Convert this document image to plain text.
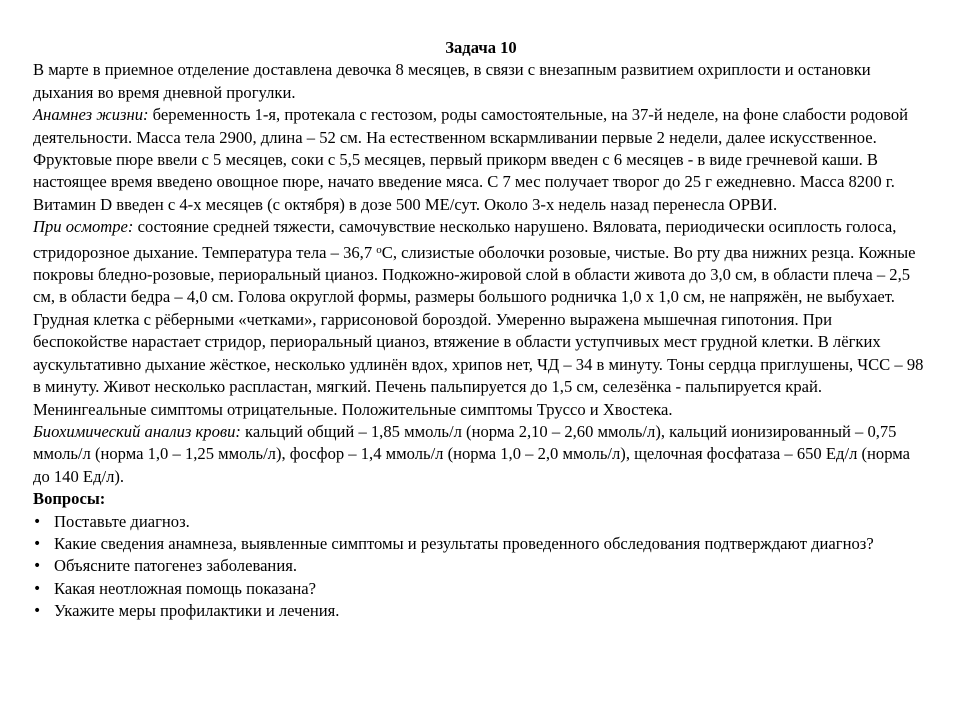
Задача 10

В марте в приемное отделение доставлена девочка 8 месяцев, в связи с внезапным развитием охриплости и остановки дыхания во время дневной прогулки.

Анамнез жизни: беременность 1-я, протекала с гестозом, роды самостоятельные, на 37-й неделе, на фоне слабости родовой деятельности. Масса тела 2900, длина – 52 см. На естественном вскармливании первые 2 недели, далее искусственное. Фруктовые пюре ввели с 5 месяцев, соки с 5,5 месяцев, первый прикорм введен с 6 месяцев - в виде гречневой каши. В настоящее время введено овощное пюре, начато введение мяса. С 7 мес получает творог до 25 г ежедневно. Масса 8200 г. Витамин D введен с 4-х месяцев (с октября) в дозе 500 МЕ/сут. Около 3-х недель назад перенесла ОРВИ.

При осмотре: состояние средней тяжести, самочувствие несколько нарушено. Вяловата, периодически осиплость голоса, стридорозное дыхание. Температура тела – 36,7 $^о$С, слизистые оболочки розовые, чистые. Во рту два нижних резца. Кожные покровы бледно-розовые, периоральный цианоз. Подкожно-жировой слой в области живота до 3,0 см, в области плеча – 2,5 см, в области бедра – 4,0 см. Голова округлой формы, размеры большого родничка 1,0 х 1,0 см, не напряжён, не выбухает. Грудная клетка с рёберными «четками», гаррисоновой бороздой. Умеренно выражена мышечная гипотония. При беспокойстве нарастает стридор, периоральный цианоз, втяжение в области уступчивых мест грудной клетки. В лёгких аускультативно дыхание жёсткое, несколько удлинён вдох, хрипов нет, ЧД – 34 в минуту. Тоны сердца приглушены, ЧСС – 98 в минуту. Живот несколько распластан, мягкий. Печень пальпируется до 1,5 см, селезёнка - пальпируется край. Менингеальные симптомы отрицательные. Положительные симптомы Труссо и Хвостека.

Биохимический анализ крови: кальций общий – 1,85 ммоль/л (норма 2,10 – 2,60 ммоль/л), кальций ионизированный – 0,75 ммоль/л (норма 1,0 – 1,25 ммоль/л), фосфор – 1,4 ммоль/л (норма 1,0 – 2,0 ммоль/л), щелочная фосфатаза – 650 Ед/л (норма до 140 Ед/л).

Вопросы:

• Поставьте диагноз.
• Какие сведения анамнеза, выявленные симптомы и результаты проведенного обследования подтверждают диагноз?
• Объясните патогенез заболевания.
• Какая неотложная помощь показана?
• Укажите меры профилактики и лечения.
